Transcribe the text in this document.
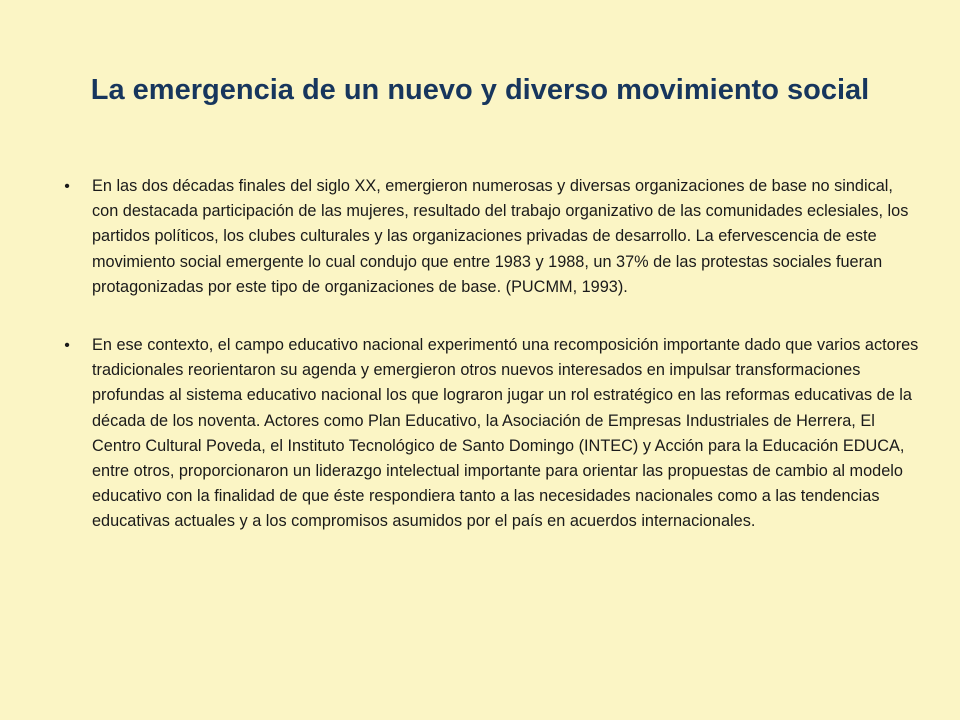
La emergencia de un nuevo y diverso movimiento social
• En las dos décadas finales del siglo XX, emergieron numerosas y diversas organizaciones de base no sindical, con destacada participación de las mujeres, resultado del trabajo organizativo de las comunidades eclesiales, los partidos políticos, los clubes culturales y las organizaciones privadas de desarrollo. La efervescencia de este movimiento social emergente lo cual condujo que entre 1983 y 1988, un 37% de las protestas sociales fueran protagonizadas por este tipo de organizaciones de base. (PUCMM, 1993).
• En ese contexto, el campo educativo nacional experimentó una recomposición importante dado que varios actores tradicionales reorientaron su agenda y emergieron otros nuevos interesados en impulsar transformaciones profundas al sistema educativo nacional los que lograron jugar un rol estratégico en las reformas educativas de la década de los noventa. Actores como Plan Educativo, la Asociación de Empresas Industriales de Herrera, El Centro Cultural Poveda, el Instituto Tecnológico de Santo Domingo (INTEC) y Acción para la Educación EDUCA, entre otros, proporcionaron un liderazgo intelectual importante para orientar las propuestas de cambio al modelo educativo con la finalidad de que éste respondiera tanto a las necesidades nacionales como a las tendencias educativas actuales y a los compromisos asumidos por el país en acuerdos internacionales.
